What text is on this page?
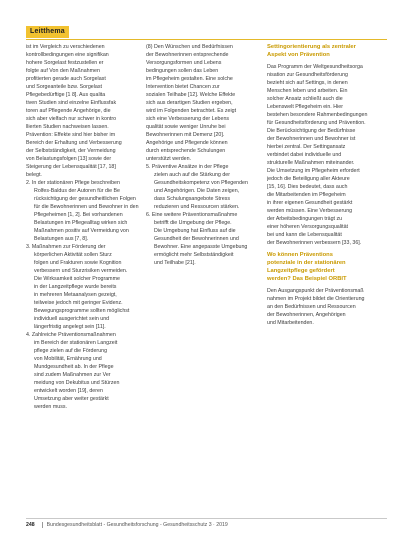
Leitthema

ist im Vergleich zu verschiedenen
kontrollbedingungen eine signifikan
hohere Sorgelast festzustellen er
folgte auf Von den Maßnahmen
profitierten gerade auch Sorgelast
und Sorgeanteile bzw. Sorgelast
Pflegebedürftige [1 8]. Aus qualita
tiven Studien sind einzelne Einflussfak
toren auf Pflegende Angehörige, die
sich aber vielfach nur schwer in kontro
llierten Studien nachweisen lassen.
Prävention: Effekte sind hier bisher im
Bereich der Erhaltung und Verbesserung
der Selbstständigkeit, der Vermeidung
von Belastungsfolgen [13] sowie der
Steigerung der Lebensqualität [17, 18]
belegt.

2. In der stationären Pflege beschreiben
Rolfes-Baldus der Autoren für die Be
rücksichtigung der gesundheitlichen Folgen
für die Bewohnerinnen und Bewohner in den
Pflegeheimen [1, 2]. Bei vorhandenen
Belastungen im Pflegealltag wirken sich
Maßnahmen positiv auf Vermeidung von
Belastungen aus [7, 8].

3. Maßnahmen zur Förderung der
körperlichen Aktivität sollen Sturz
folgen und Frakturen sowie Kognition
verbessern und Sturzrisiken vermeiden.
Die Wirksamkeit solcher Programme
in der Langzeitpflege wurde bereits
in mehreren Metaanalysen gezeigt,
teilweise jedoch mit geringer Evidenz.
Bewegungsprogramme sollten möglichst
individuell ausgerichtet sein und
längerfristig angelegt sein [11].

4. Zahlreiche Präventionsmaßnahmen
im Bereich der stationären Langzeit
pflege zielen auf die Förderung
von Mobilität, Ernährung und
Mundgesundheit ab. In der Pflege
sind zudem Maßnahmen zur Ver
meidung von Dekubitus und Stürzen
entwickelt worden [19], deren
Umsetzung aber weiter gestärkt
werden muss.

(8) Den Wünschen und Bedürfnissen
der Bewohnerinnen entsprechende
Versorgungsformen und Lebens
bedingungen sollen das Leben
im Pflegeheim gestalten. Eine solche
Intervention bietet Chancen zur
sozialen Teilhabe [12]. Welche Effekte
sich aus derartigen Studien ergeben,
wird im Folgenden betrachtet. Es zeigt
sich eine Verbesserung der Lebens
qualität sowie weniger Unruhe bei
Bewohnerinnen mit Demenz [20].
Angehörige und Pflegende können
durch entsprechende Schulungen
unterstützt werden.

5. Präventive Ansätze in der Pflege
zielen auch auf die Stärkung der
Gesundheitskompetenz von Pflegenden
und Angehörigen. Die Daten zeigen,
dass Schulungsangebote Stress
reduzieren und Ressourcen stärken.

6. Eine weitere Präventionsmaßnahme
betrifft die Umgebung der Pflege.
Die Umgebung hat Einfluss auf die
Gesundheit der Bewohnerinnen und
Bewohner. Eine angepasste Umgebung
ermöglicht mehr Selbstständigkeit
und Teilhabe [21].

Settingorientierung als zentraler
Aspekt von Prävention

Das Programm der Weltgesundheitsorga
nisation zur Gesundheitsförderung
bezieht sich auf Settings, in denen
Menschen leben und arbeiten. Ein
solcher Ansatz schließt auch die
Lebenswelt Pflegeheim ein. Hier
bestehen besondere Rahmenbedingungen
für Gesundheitsförderung und Prävention.
Die Berücksichtigung der Bedürfnisse
der Bewohnerinnen und Bewohner ist
hierbei zentral. Der Settingansatz
verbindet dabei individuelle und
strukturelle Maßnahmen miteinander.
Die Umsetzung im Pflegeheim erfordert
jedoch die Beteiligung aller Akteure
[15, 16]. Dies bedeutet, dass auch
die Mitarbeitenden im Pflegeheim
in ihrer eigenen Gesundheit gestärkt
werden müssen. Eine Verbesserung
der Arbeitsbedingungen trägt zu
einer höheren Versorgungsqualität
bei und kann die Lebensqualität
der Bewohnerinnen verbessern [33, 36].

Wo können Präventions
potenziale in der stationären
Langzeitpflege gefördert
werden? Das Beispiel ORBIT

Den Ausgangspunkt der Präventionsmaß
nahmen im Projekt bildet die Orientierung
an den Bedürfnissen und Ressourcen
der Bewohnerinnen, Angehörigen
und Mitarbeitenden.

248 Bundesgesundheitsblatt - Gesundheitsforschung - Gesundheitsschutz 3 · 2019
